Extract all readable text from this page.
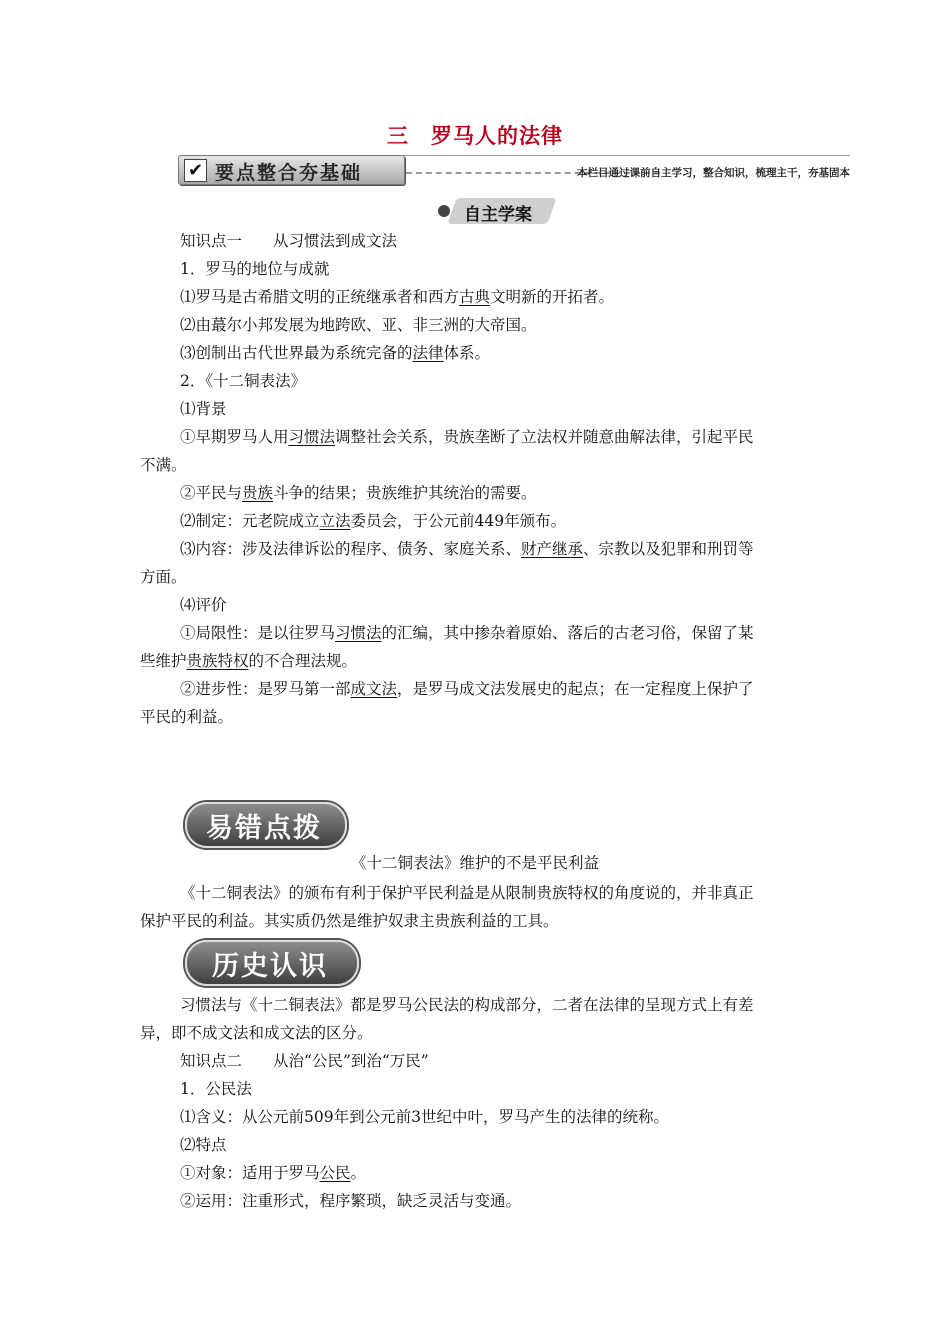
三　罗马人的法律
✔ 要点整合夯基础	本栏目通过课前自主学习，整合知识，梳理主干，夯基固本
自主学案
知识点一　　从习惯法到成文法
1．罗马的地位与成就
⑴罗马是古希腊文明的正统继承者和西方古典文明新的开拓者。
⑵由蕞尔小邦发展为地跨欧、亚、非三洲的大帝国。
⑶创制出古代世界最为系统完备的法律体系。
2．《十二铜表法》
⑴背景
①早期罗马人用习惯法调整社会关系，贵族垄断了立法权并随意曲解法律，引起平民
不满。
②平民与贵族斗争的结果；贵族维护其统治的需要。
⑵制定：元老院成立立法委员会，于公元前449年颁布。
⑶内容：涉及法律诉讼的程序、债务、家庭关系、财产继承、宗教以及犯罪和刑罚等
方面。
⑷评价
①局限性：是以往罗马习惯法的汇编，其中掺杂着原始、落后的古老习俗，保留了某
些维护贵族特权的不合理法规。
②进步性：是罗马第一部成文法，是罗马成文法发展史的起点；在一定程度上保护了
平民的利益。
易错点拨
《十二铜表法》维护的不是平民利益
《十二铜表法》的颁布有利于保护平民利益是从限制贵族特权的角度说的，并非真正
保护平民的利益。其实质仍然是维护奴隶主贵族利益的工具。
历史认识
习惯法与《十二铜表法》都是罗马公民法的构成部分，二者在法律的呈现方式上有差
异，即不成文法和成文法的区分。
知识点二　　从治“公民”到治“万民”
1．公民法
⑴含义：从公元前509年到公元前3世纪中叶，罗马产生的法律的统称。
⑵特点
①对象：适用于罗马公民。
②运用：注重形式，程序繁琐，缺乏灵活与变通。
